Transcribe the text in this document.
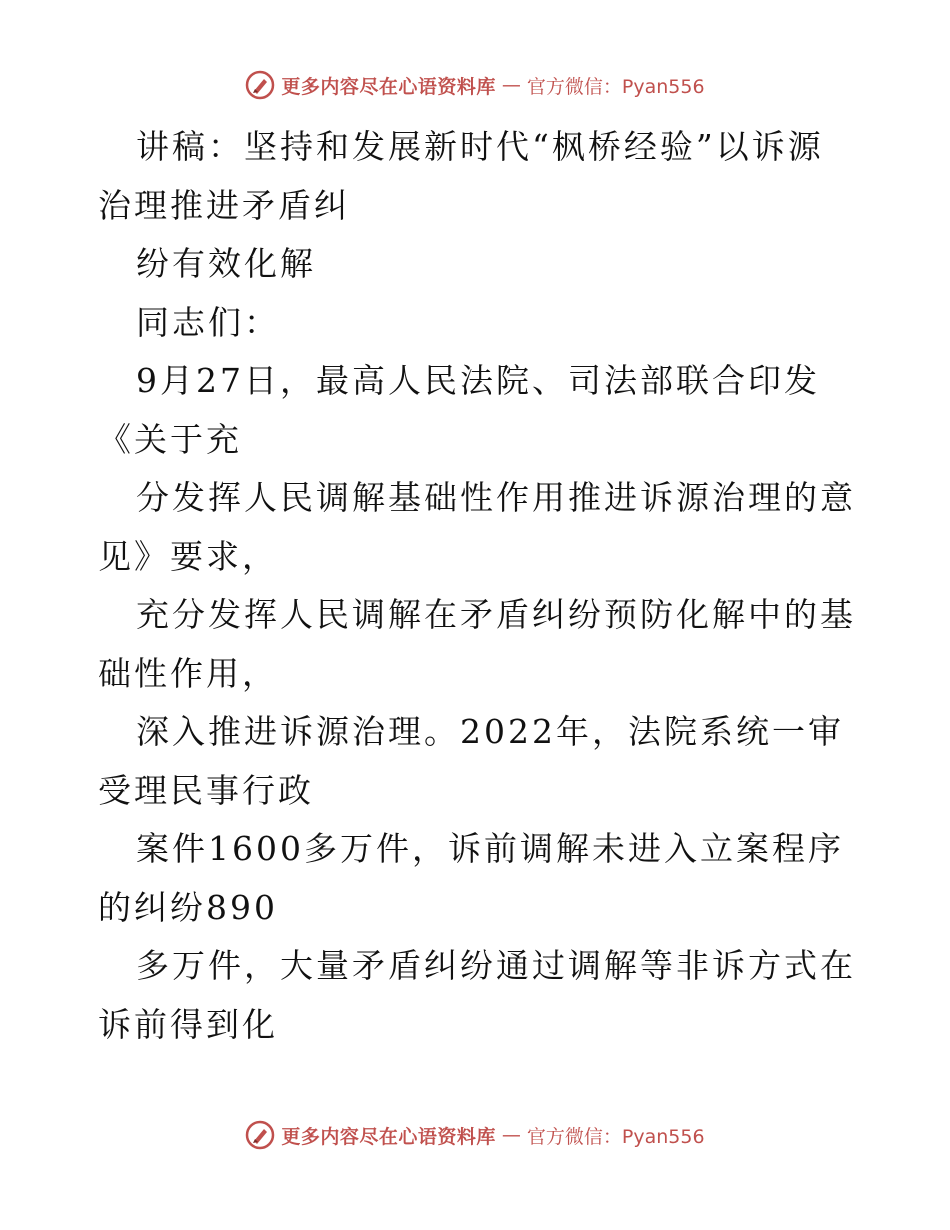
更多内容尽在心语资料库 — 官方微信：Pyan556

讲稿：坚持和发展新时代“枫桥经验”以诉源治理推进矛盾纠

纷有效化解

同志们：

9月27日，最高人民法院、司法部联合印发《关于充

分发挥人民调解基础性作用推进诉源治理的意见》要求，

充分发挥人民调解在矛盾纠纷预防化解中的基础性作用，

深入推进诉源治理。2022年，法院系统一审受理民事行政

案件1600多万件，诉前调解未进入立案程序的纠纷890

多万件，大量矛盾纠纷通过调解等非诉方式在诉前得到化

更多内容尽在心语资料库 — 官方微信：Pyan556
